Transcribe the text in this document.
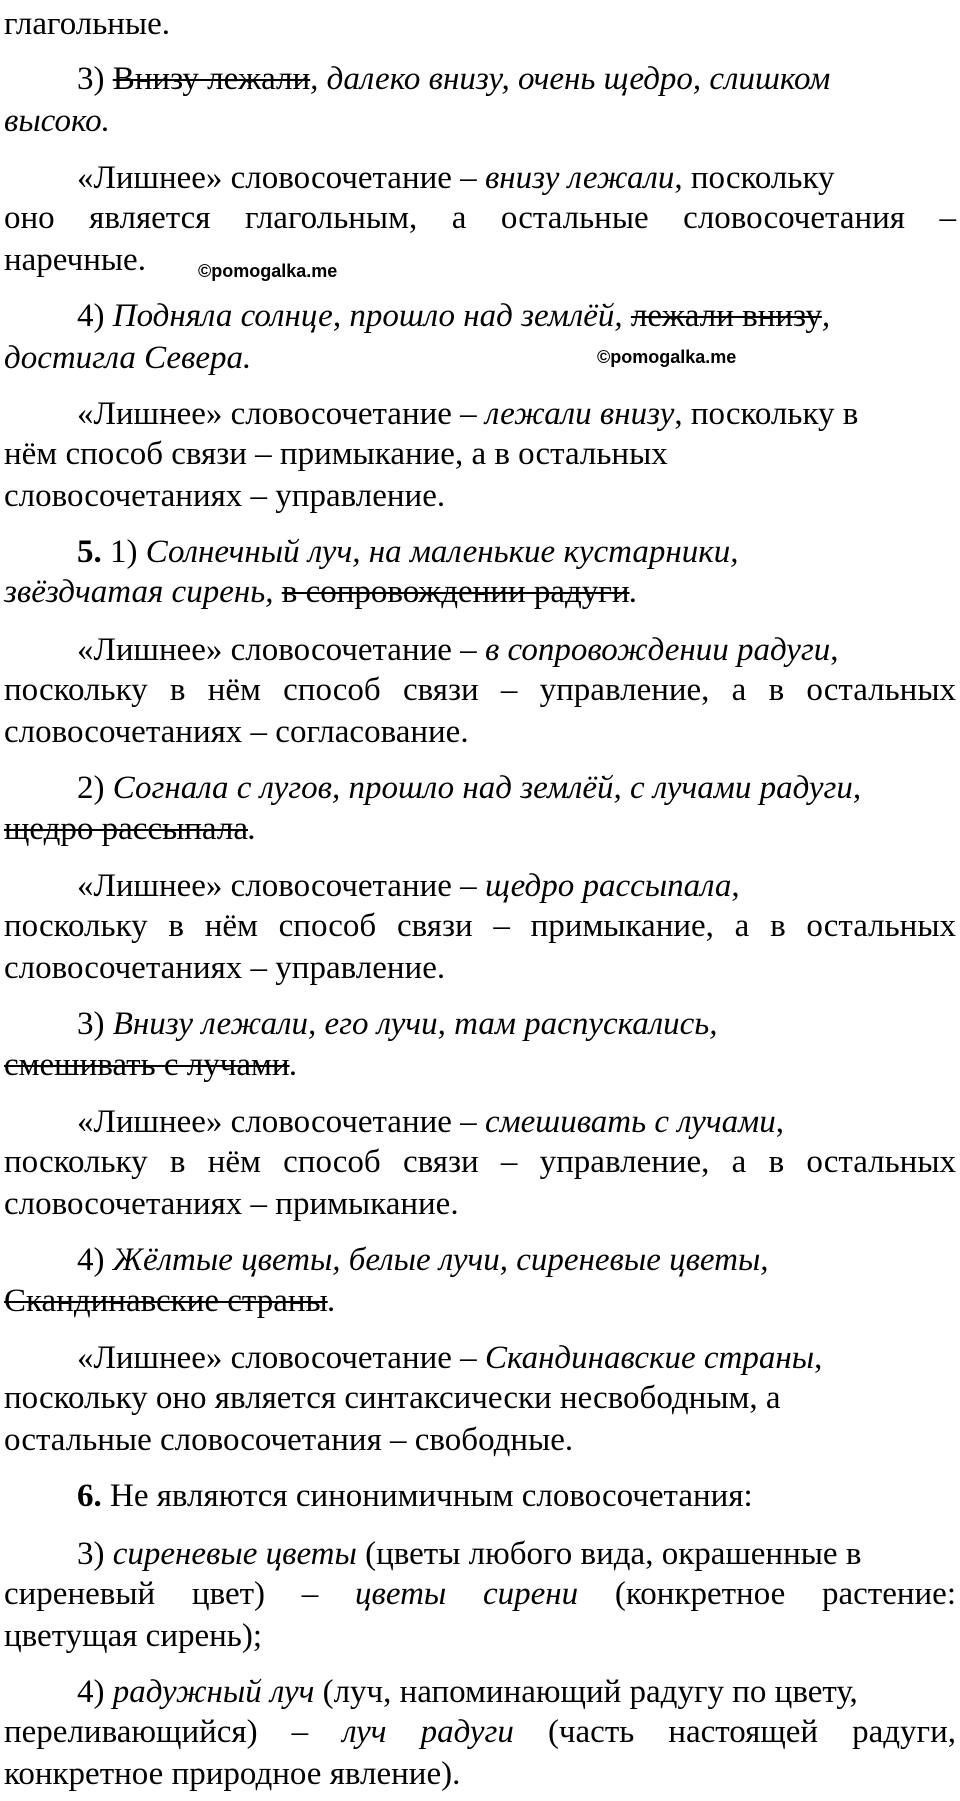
глагольные.
3) Внизу лежали, далеко внизу, очень щедро, слишком
высоко.
«Лишнее» словосочетание – внизу лежали, поскольку
оно является глагольным, а остальные словосочетания –
наречные.
4) Подняла солнце, прошло над землёй, лежали внизу,
достигла Севера.
«Лишнее» словосочетание – лежали внизу, поскольку в
нём способ связи – примыкание, а в остальных
словосочетаниях – управление.
5. 1) Солнечный луч, на маленькие кустарники,
звёздчатая сирень, в сопровождении радуги.
«Лишнее» словосочетание – в сопровождении радуги,
поскольку в нём способ связи – управление, а в остальных
словосочетаниях – согласование.
2) Согнала с лугов, прошло над землёй, с лучами радуги,
щедро рассыпала.
«Лишнее» словосочетание – щедро рассыпала,
поскольку в нём способ связи – примыкание, а в остальных
словосочетаниях – управление.
3) Внизу лежали, его лучи, там распускались,
смешивать с лучами.
«Лишнее» словосочетание – смешивать с лучами,
поскольку в нём способ связи – управление, а в остальных
словосочетаниях – примыкание.
4) Жёлтые цветы, белые лучи, сиреневые цветы,
Скандинавские страны.
«Лишнее» словосочетание – Скандинавские страны,
поскольку оно является синтаксически несвободным, а
остальные словосочетания – свободные.
6. Не являются синонимичным словосочетания:
3) сиреневые цветы (цветы любого вида, окрашенные в
сиреневый цвет) – цветы сирени (конкретное растение:
цветущая сирень);
4) радужный луч (луч, напоминающий радугу по цвету,
переливающийся) – луч радуги (часть настоящей радуги,
конкретное природное явление).
©pomogalka.me
©pomogalka.me
